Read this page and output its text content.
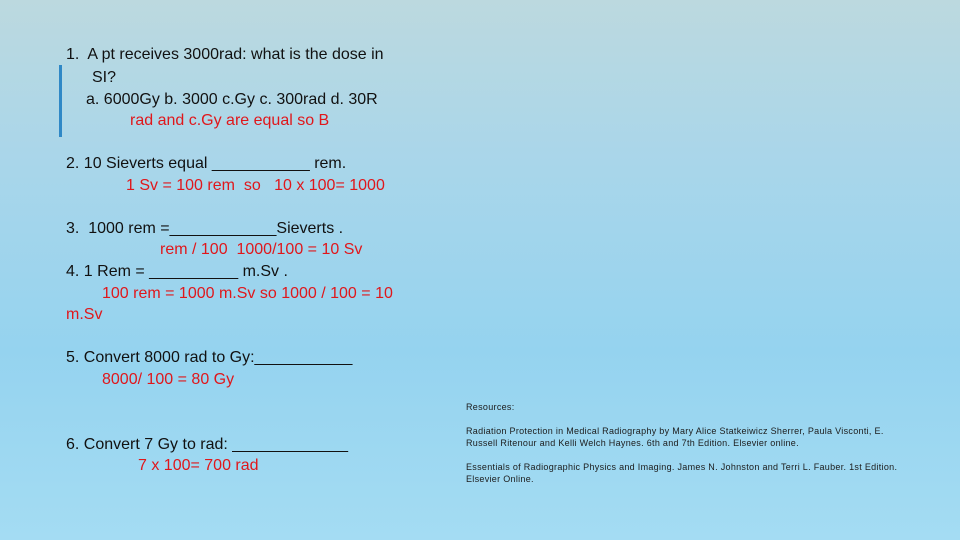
1.  A pt receives 3000rad: what is the dose in
SI?
a. 6000Gy b. 3000 c.Gy c. 300rad d. 30R
rad and c.Gy are equal so B
2. 10 Sieverts equal ___________ rem.
1 Sv = 100 rem  so   10 x 100= 1000
3.  1000 rem =____________Sieverts .
rem / 100  1000/100 = 10 Sv
4. 1 Rem = __________ m.Sv .
100 rem = 1000 m.Sv so 1000 / 100 = 10
m.Sv
5. Convert 8000 rad to Gy:___________
8000/ 100 = 80 Gy
6. Convert 7 Gy to rad: _____________
7 x 100= 700 rad
Resources:
Radiation Protection in Medical Radiography by Mary Alice Statkeiwicz Sherrer, Paula Visconti, E.
Russell Ritenour and Kelli Welch Haynes. 6th and 7th Edition. Elsevier online.
Essentials of Radiographic Physics and Imaging. James N. Johnston and Terri L. Fauber. 1st Edition.
Elsevier Online.
